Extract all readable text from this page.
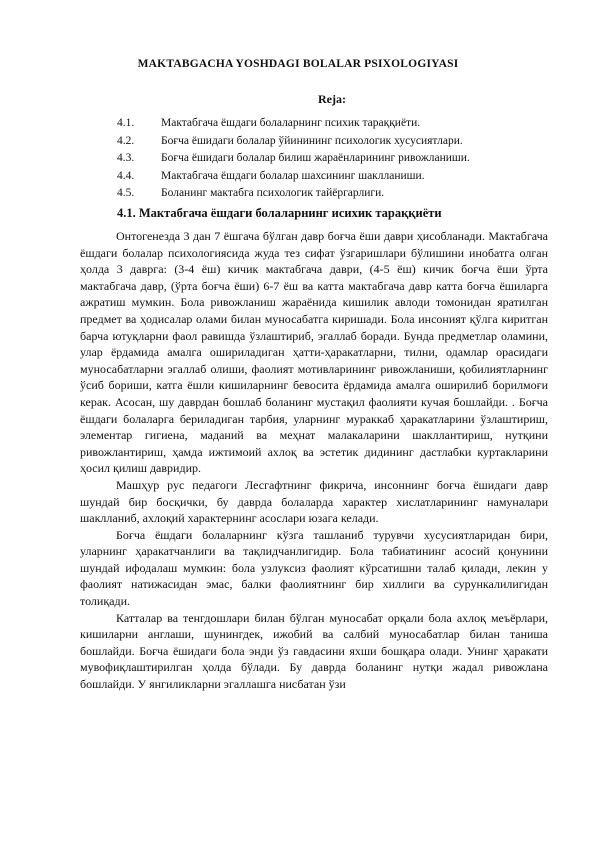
MAKTABGACHA YOSHDAGI BOLALAR PSIXOLOGIYASI
Reja:
4.1.	Мактабгача ёшдаги болаларнинг психик тараққиёти.
4.2.	Боғча ёшидаги болалар ўйинининг психологик хусусиятлари.
4.3.	Боғча ёшидаги болалар билиш жараёнларининг ривожланиши.
4.4.	Мактабгача ёшдаги болалар шахсининг шаклланиши.
4.5.	Боланинг мактабга психологик тайёргарлиги.
4.1. Мактабгача ёшдаги болаларнинг исихик тараққиёти

Онтогенезда 3 дан 7 ёшгача бўлган давр боғча ёши даври ҳисобланади. Мактабгача ёшдаги болалар психологиясида жуда тез сифат ўзгаришлари бўлишини инобатга олган ҳолда 3 даврга: (3-4 ёш) кичик мактабгача даври, (4-5 ёш) кичик боғча ёши ўрта мактабгача давр, (ўрта боғча ёши) 6-7 ёш ва катта мактабгача давр катта боғча ёшиларга ажратиш мумкин. Бола ривожланиш жараёнида кишилик авлоди томонидан яратилган предмет ва ҳодисалар олами билан муносабатга киришади. Бола инсоният қўлга киритган барча ютуқларни фаол равишда ўзлаштириб, эгаллаб боради. Бунда предметлар оламини, улар ёрдамида амалга ошириладиган ҳатти-ҳаракатларни, тилни, одамлар орасидаги муносабатларни эгаллаб олиши, фаолият мотивларининг ривожланиши, қобилиятларнинг ўсиб бориши, катга ёшли кишиларнинг бевосита ёрдамида амалга оширилиб борилмоғи керак. Асосан, шу даврдан бошлаб боланинг мустақил фаолияти кучая бошлайди. . Боғча ёшдаги болаларга бериладиган тарбия, уларнинг мураккаб ҳаракатларини ўзлаштириш, элементар гигиена, маданий ва меҳнат малакаларини шакллантириш, нутқини ривожлантириш, ҳамда ижтимоий ахлоқ ва эстетик дидининг дастлабки куртакларини ҳосил қилиш давридир.

Машҳур рус педагоги Лесгафтнинг фикрича, инсоннинг боғча ёшидаги давр шундай бир босқички, бу даврда болаларда характер хислатларининг намуналари шаклланиб, ахлоқий характернинг асослари юзага келади.

Боғча ёшдаги болаларнинг кўзга ташланиб турувчи хусусиятларидан бири, уларнинг ҳаракатчанлиги ва тақлидчанлигидир. Бола табиатининг асосий қонунини шундай ифодалаш мумкин: бола узлуксиз фаолият кўрсатишни талаб қилади, лекин у фаолият натижасидан эмас, балки фаолиятнинг бир хиллиги ва сурункалилигидан толиқади.

Катталар ва тенгдошлари билан бўлган муносабат орқали бола ахлоқ меъёрлари, кишиларни англаши, шунингдек, ижобий ва салбий муносабатлар билан таниша бошлайди. Боғча ёшидаги бола энди ўз гавдасини яхши бошқара олади. Унинг ҳаракати мувофиқлаштирилган ҳолда бўлади. Бу даврда боланинг нутқи жадал ривожлана бошлайди. У янгиликларни эгаллашга нисбатан ўзи
